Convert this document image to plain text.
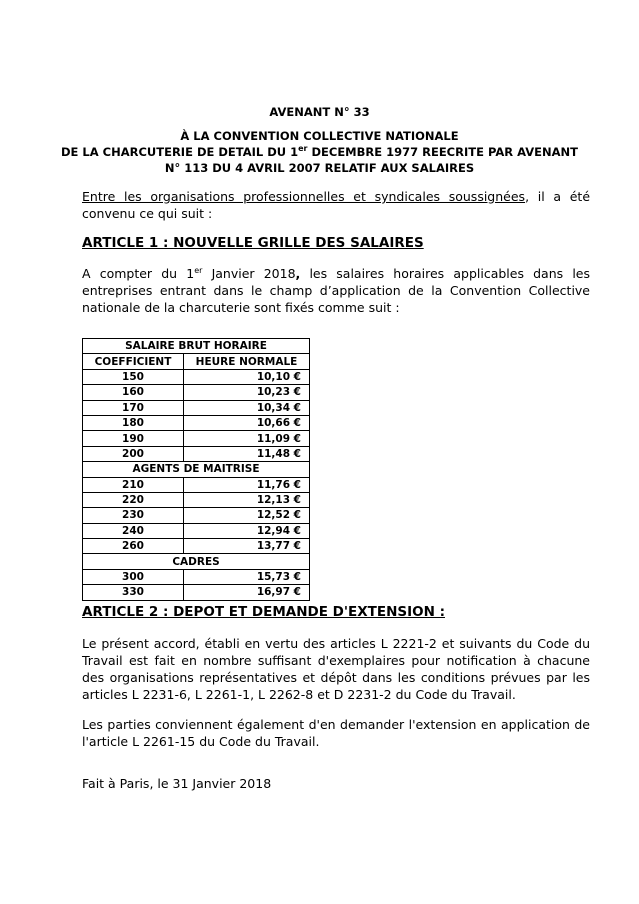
AVENANT N° 33
À LA CONVENTION COLLECTIVE NATIONALE
DE LA CHARCUTERIE DE DETAIL DU 1er DECEMBRE 1977 REECRITE PAR AVENANT
N° 113 DU 4 AVRIL 2007 RELATIF AUX SALAIRES
Entre les organisations professionnelles et syndicales soussignées, il a été convenu ce qui suit :
ARTICLE 1 : NOUVELLE GRILLE DES SALAIRES
A compter du 1er Janvier 2018, les salaires horaires applicables dans les entreprises entrant dans le champ d’application de la Convention Collective nationale de la charcuterie sont fixés comme suit :
SALAIRE BRUT HORAIRE	
COEFFICIENT	HEURE NORMALE
150	10,10 €
160	10,23 €
170	10,34 €
180	10,66 €
190	11,09 €
200	11,48 €
AGENTS DE MAITRISE	
210	11,76 €
220	12,13 €
230	12,52 €
240	12,94 €
260	13,77 €
CADRES	
300	15,73 €
330	16,97 €
ARTICLE 2 : DEPOT ET DEMANDE D'EXTENSION :
Le présent accord, établi en vertu des articles L 2221-2 et suivants du Code du Travail est fait en nombre suffisant d'exemplaires pour notification à chacune des organisations représentatives et dépôt dans les conditions prévues par les articles L 2231-6, L 2261-1, L 2262-8 et D 2231-2 du Code du Travail.
Les parties conviennent également d'en demander l'extension en application de l'article L 2261-15 du Code du Travail.
Fait à Paris, le 31 Janvier 2018
